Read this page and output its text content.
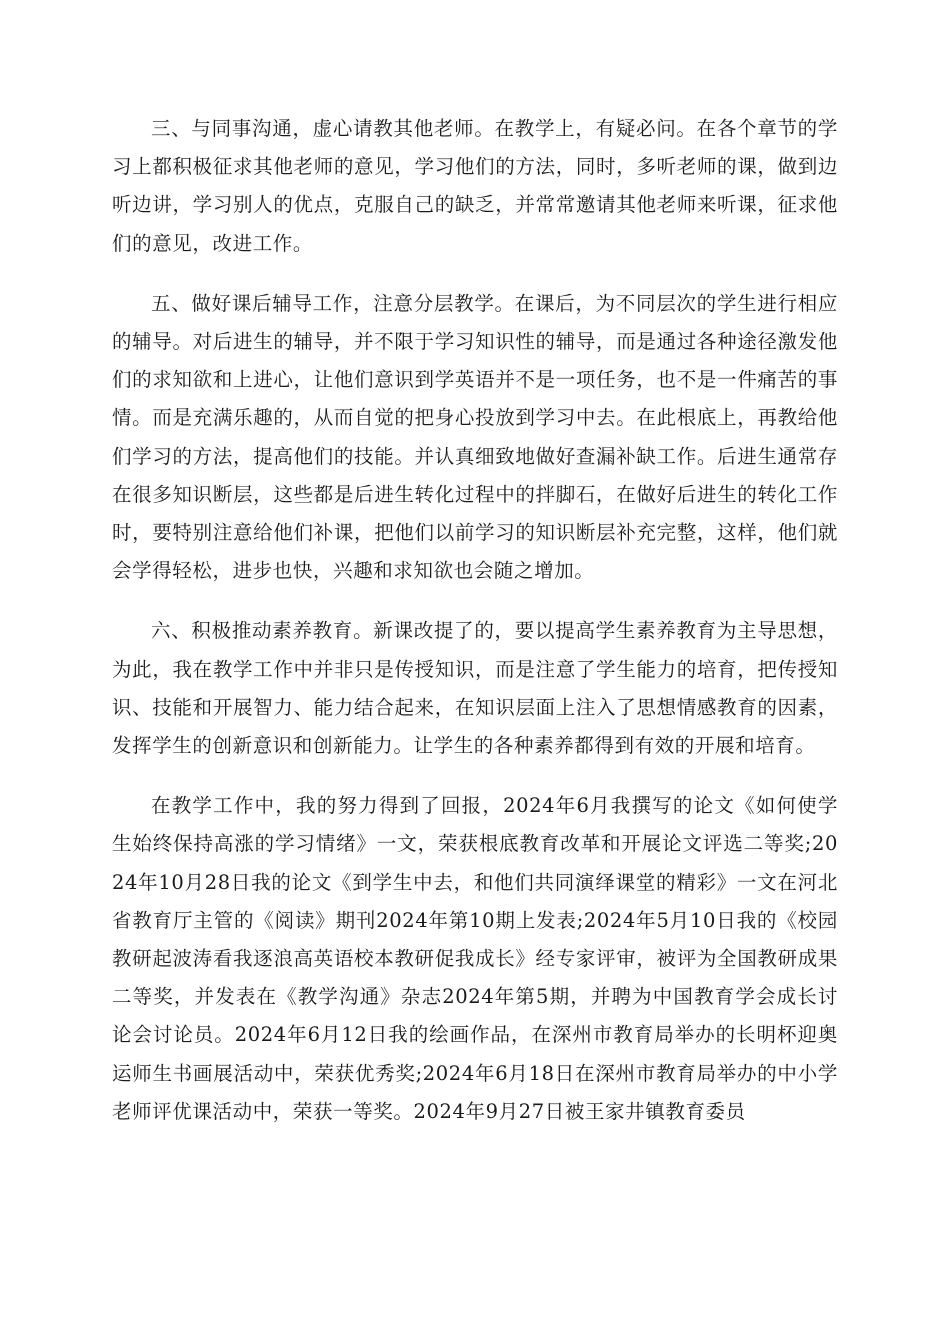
三、与同事沟通，虚心请教其他老师。在教学上，有疑必问。在各个章节的学习上都积极征求其他老师的意见，学习他们的方法，同时，多听老师的课，做到边听边讲，学习别人的优点，克服自己的缺乏，并常常邀请其他老师来听课，征求他们的意见，改进工作。

五、做好课后辅导工作，注意分层教学。在课后，为不同层次的学生进行相应的辅导。对后进生的辅导，并不限于学习知识性的辅导，而是通过各种途径激发他们的求知欲和上进心，让他们意识到学英语并不是一项任务，也不是一件痛苦的事情。而是充满乐趣的，从而自觉的把身心投放到学习中去。在此根底上，再教给他们学习的方法，提高他们的技能。并认真细致地做好查漏补缺工作。后进生通常存在很多知识断层，这些都是后进生转化过程中的拌脚石，在做好后进生的转化工作时，要特别注意给他们补课，把他们以前学习的知识断层补充完整，这样，他们就会学得轻松，进步也快，兴趣和求知欲也会随之增加。

六、积极推动素养教育。新课改提了的，要以提高学生素养教育为主导思想，为此，我在教学工作中并非只是传授知识，而是注意了学生能力的培育，把传授知识、技能和开展智力、能力结合起来，在知识层面上注入了思想情感教育的因素，发挥学生的创新意识和创新能力。让学生的各种素养都得到有效的开展和培育。

在教学工作中，我的努力得到了回报，2024年6月我撰写的论文《如何使学生始终保持高涨的学习情绪》一文，荣获根底教育改革和开展论文评选二等奖;2024年10月28日我的论文《到学生中去，和他们共同演绎课堂的精彩》一文在河北省教育厅主管的《阅读》期刊2024年第10期上发表;2024年5月10日我的《校园教研起波涛看我逐浪高英语校本教研促我成长》经专家评审，被评为全国教研成果二等奖，并发表在《教学沟通》杂志2024年第5期，并聘为中国教育学会成长讨论会讨论员。2024年6月12日我的绘画作品，在深州市教育局举办的长明杯迎奥运师生书画展活动中，荣获优秀奖;2024年6月18日在深州市教育局举办的中小学老师评优课活动中，荣获一等奖。2024年9月27日被王家井镇教育委员
